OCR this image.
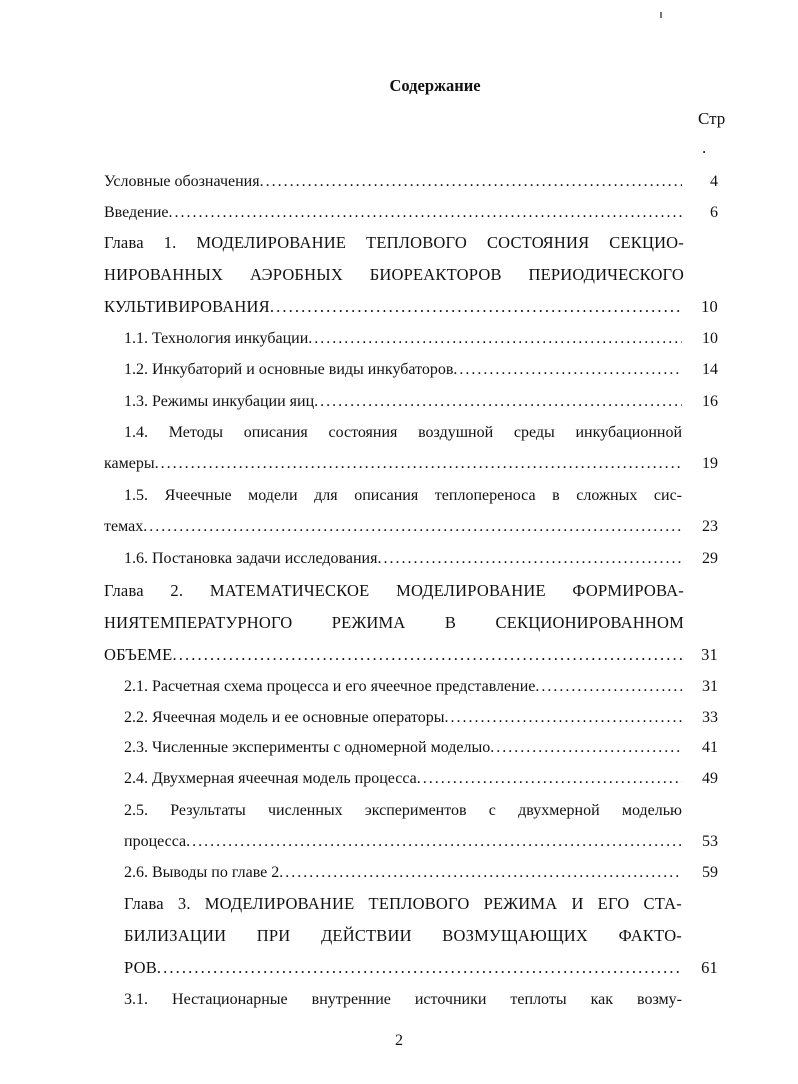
Содержание
Стр
.
Условные обозначения . . .	4
Введение . . .	6
Глава 1. МОДЕЛИРОВАНИЕ ТЕПЛОВОГО СОСТОЯНИЯ СЕКЦИО-
НИРОВАННЫХ АЭРОБНЫХ БИОРЕАКТОРОВ ПЕРИОДИЧЕСКОГО
КУЛЬТИВИРОВАНИЯ . . .	10
1.1. Технология инкубации . . .	10
1.2. Инкубаторий и основные виды инкубаторов . . .	14
1.3. Режимы инкубации яиц . . .	16
1.4. Методы описания состояния воздушной среды инкубационной
камеры . . .	19
1.5. Ячеечные модели для описания теплопереноса в сложных сис-
темах . . .	23
1.6. Постановка задачи исследования . . .	29
Глава 2. МАТЕМАТИЧЕСКОЕ МОДЕЛИРОВАНИЕ ФОРМИРОВА-
НИЯТЕМПЕРАТУРНОГО РЕЖИМА В СЕКЦИОНИРОВАННОМ
ОБЪЕМЕ . . .	31
2.1. Расчетная схема процесса и его ячеечное представление . . .	31
2.2. Ячеечная модель и ее основные операторы . . .	33
2.3. Численные эксперименты с одномерной моделыо . . .	41
2.4. Двухмерная ячеечная модель процесса . . .	49
2.5. Результаты численных экспериментов с двухмерной моделью
процесса . . .	53
2.6. Выводы по главе 2 . . .	59
Глава 3. МОДЕЛИРОВАНИЕ ТЕПЛОВОГО РЕЖИМА И ЕГО СТА-
БИЛИЗАЦИИ ПРИ ДЕЙСТВИИ ВОЗМУЩАЮЩИХ ФАКТО-
РОВ . . .	61
3.1. Нестационарные внутренние источники теплоты как возму-
2
